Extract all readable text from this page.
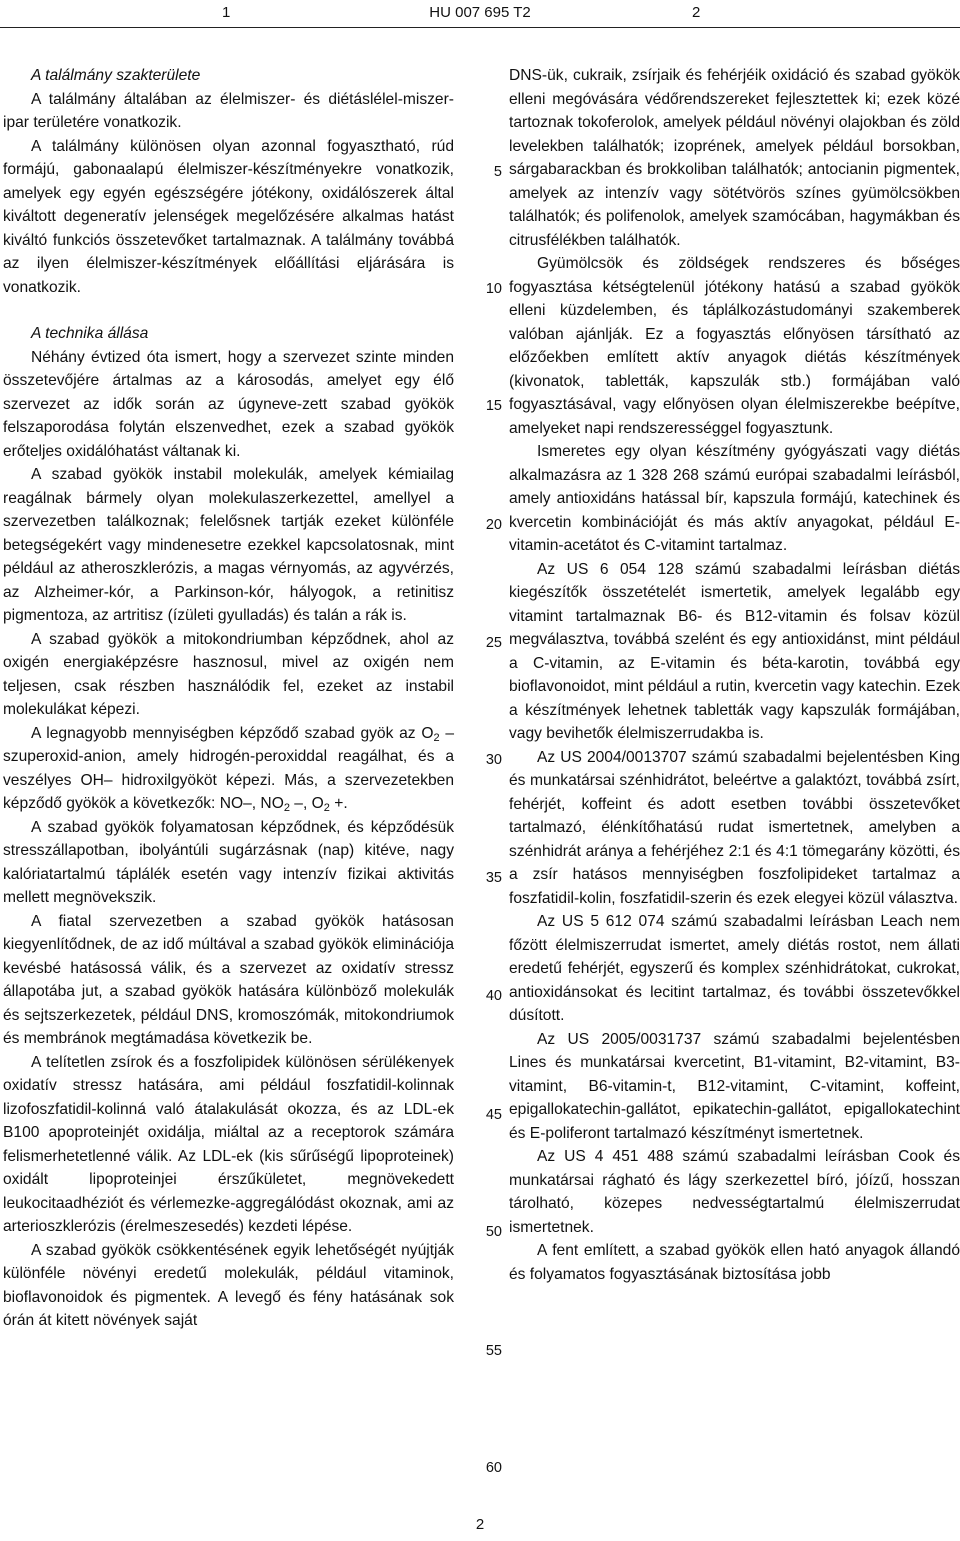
1	HU 007 695 T2	2

A találmány szakterülete

A találmány általában az élelmiszer- és diétáslélel-miszer-ipar területére vonatkozik.

A találmány különösen olyan azonnal fogyasztható, rúd formájú, gabonaalapú élelmiszer-készítményekre vonatkozik, amelyek egy egyén egészségére jótékony, oxidálószerek által kiváltott degeneratív jelenségek megelőzésére alkalmas hatást kiváltó funkciós összetevőket tartalmaznak. A találmány továbbá az ilyen élelmiszer-készítmények előállítási eljárására is vonatkozik.

A technika állása

Néhány évtized óta ismert, hogy a szervezet szinte minden összetevőjére ártalmas az a károsodás, amelyet egy élő szervezet az idők során az úgyneve-zett szabad gyökök felszaporodása folytán elszenvedhet, ezek a szabad gyökök erőteljes oxidálóhatást váltanak ki.

A szabad gyökök instabil molekulák, amelyek kémiailag reagálnak bármely olyan molekulaszerkezettel, amellyel a szervezetben találkoznak; felelősnek tartják ezeket különféle betegségekért vagy mindenesetre ezekkel kapcsolatosnak, mint például az atheroszklerózis, a magas vérnyomás, az agyvérzés, az Alzheimer-kór, a Parkinson-kór, hályogok, a retinitisz pigmentoza, az artritisz (ízületi gyulladás) és talán a rák is.

A szabad gyökök a mitokondriumban képződnek, ahol az oxigén energiaképzésre hasznosul, mivel az oxigén nem teljesen, csak részben használódik fel, ezeket az instabil molekulákat képezi.

A legnagyobb mennyiségben képződő szabad gyök az $O_2$ – szuperoxid-anion, amely hidrogén-peroxiddal reagálhat, és a veszélyes OH– hidroxilgyököt képezi. Más, a szervezetekben képződő gyökök a következők: NO–, $NO_2$ –, $O_2$ +.

A szabad gyökök folyamatosan képződnek, és képződésük stresszállapotban, ibolyántúli sugárzásnak (nap) kitéve, nagy kalóriatartalmú táplálék esetén vagy intenzív fizikai aktivitás mellett megnövekszik.

A fiatal szervezetben a szabad gyökök hatásosan kiegyenlítődnek, de az idő múltával a szabad gyökök eliminációja kevésbé hatásossá válik, és a szervezet az oxidatív stressz állapotába jut, a szabad gyökök hatására különböző molekulák és sejtszerkezetek, például DNS, kromoszómák, mitokondriumok és membránok megtámadása következik be.

A telítetlen zsírok és a foszfolipidek különösen sérülékenyek oxidatív stressz hatására, ami például foszfatidil-kolinnak lizofoszfatidil-kolinná való átalakulását okozza, és az LDL-ek B100 apoproteinjét oxidálja, miáltal az a receptorok számára felismerhetetlenné válik. Az LDL-ek (kis sűrűségű lipoproteinek) oxidált lipoproteinjei érszűkületet, megnövekedett leukocitaadhéziót és vérlemezke-aggregálódást okoznak, ami az arterioszklerózis (érelmeszesedés) kezdeti lépése.

A szabad gyökök csökkentésének egyik lehetőségét nyújtják különféle növényi eredetű molekulák, például vitaminok, bioflavonoidok és pigmentek. A levegő és fény hatásának sok órán át kitett növények saját

5
10
15
20
25
30
35
40
45
50
55
60

DNS-ük, cukraik, zsírjaik és fehérjéik oxidáció és szabad gyökök elleni megóvására védőrendszereket fejlesztettek ki; ezek közé tartoznak tokoferolok, amelyek például növényi olajokban és zöld levelekben találhatók; izoprének, amelyek például borsokban, sárgabarackban és brokkoliban találhatók; antocianin pigmentek, amelyek az intenzív vagy sötétvörös színes gyümölcsökben találhatók; és polifenolok, amelyek szamócában, hagymákban és citrusfélékben találhatók.

Gyümölcsök és zöldségek rendszeres és bőséges fogyasztása kétségtelenül jótékony hatású a szabad gyökök elleni küzdelemben, és táplálkozástudományi szakemberek valóban ajánlják. Ez a fogyasztás előnyösen társítható az előzőekben említett aktív anyagok diétás készítmények (kivonatok, tabletták, kapszulák stb.) formájában való fogyasztásával, vagy előnyösen olyan élelmiszerekbe beépítve, amelyeket napi rendszerességgel fogyasztunk.

Ismeretes egy olyan készítmény gyógyászati vagy diétás alkalmazásra az 1 328 268 számú európai szabadalmi leírásból, amely antioxidáns hatással bír, kapszula formájú, katechinek és kvercetin kombinációját és más aktív anyagokat, például E-vitamin-acetátot és C-vitamint tartalmaz.

Az US 6 054 128 számú szabadalmi leírásban diétás kiegészítők összetételét ismertetik, amelyek legalább egy vitamint tartalmaznak B6- és B12-vitamin és folsav közül megválasztva, továbbá szelént és egy antioxidánst, mint például a C-vitamin, az E-vitamin és béta-karotin, továbbá egy bioflavonoidot, mint például a rutin, kvercetin vagy katechin. Ezek a készítmények lehetnek tabletták vagy kapszulák formájában, vagy bevihetők élelmiszerrudakba is.

Az US 2004/0013707 számú szabadalmi bejelentésben King és munkatársai szénhidrátot, beleértve a galaktózt, továbbá zsírt, fehérjét, koffeint és adott esetben további összetevőket tartalmazó, élénkítőhatású rudat ismertetnek, amelyben a szénhidrát aránya a fehérjéhez 2:1 és 4:1 tömegarány közötti, és a zsír hatásos mennyiségben foszfolipideket tartalmaz a foszfatidil-kolin, foszfatidil-szerin és ezek elegyei közül választva.

Az US 5 612 074 számú szabadalmi leírásban Leach nem főzött élelmiszerrudat ismertet, amely diétás rostot, nem állati eredetű fehérjét, egyszerű és komplex szénhidrátokat, cukrokat, antioxidánsokat és lecitint tartalmaz, és további összetevőkkel dúsított.

Az US 2005/0031737 számú szabadalmi bejelentésben Lines és munkatársai kvercetint, B1-vitamint, B2-vitamint, B3-vitamint, B6-vitamin-t, B12-vitamint, C-vitamint, koffeint, epigallokatechin-gallátot, epikatechin-gallátot, epigallokatechint és E-poliferont tartalmazó készítményt ismertetnek.

Az US 4 451 488 számú szabadalmi leírásban Cook és munkatársai rágható és lágy szerkezettel bíró, jóízű, hosszan tárolható, közepes nedvességtartalmú élelmiszerrudat ismertetnek.

A fent említett, a szabad gyökök ellen ható anyagok állandó és folyamatos fogyasztásának biztosítása jobb

2
